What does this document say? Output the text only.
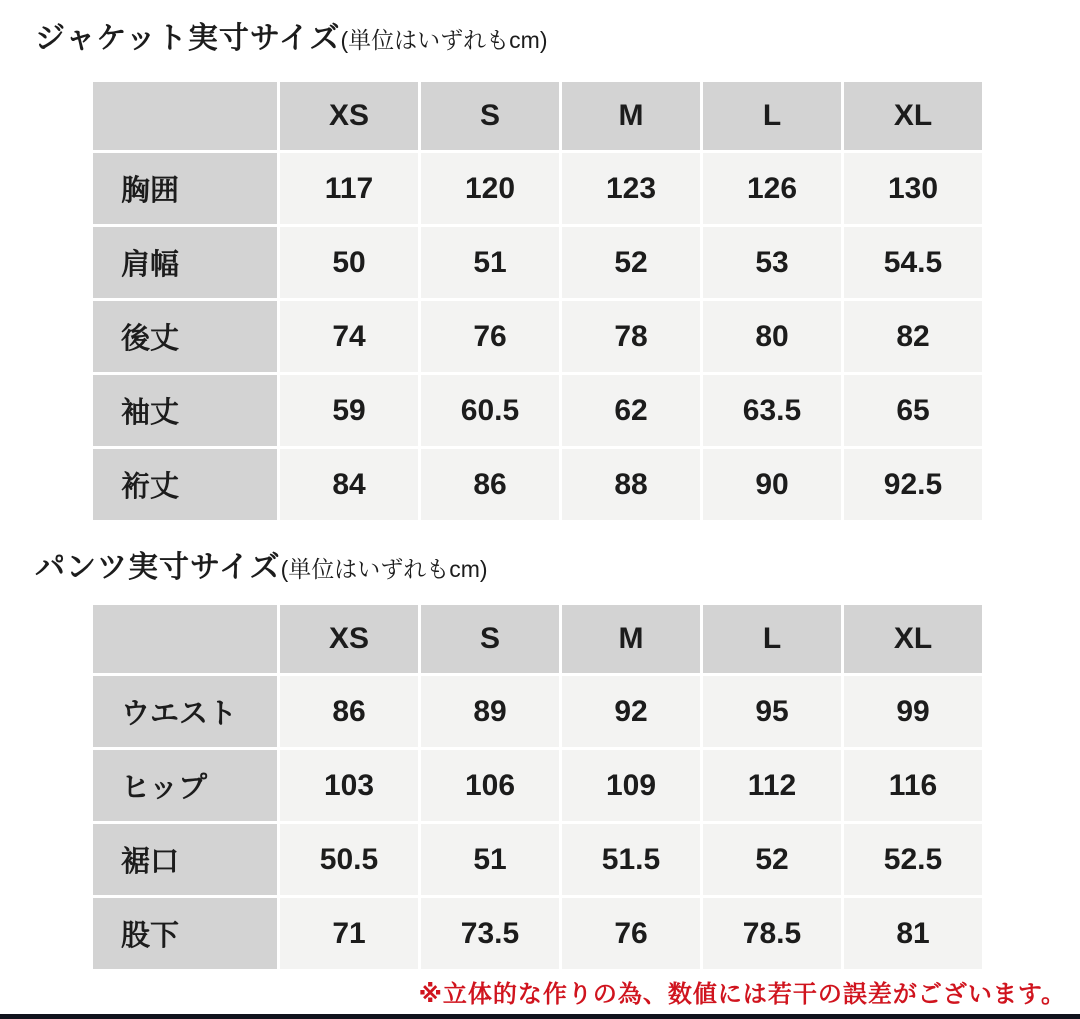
ジャケット実寸サイズ(単位はいずれもcm)
	XS	S	M	L	XL
胸囲	117	120	123	126	130
肩幅	50	51	52	53	54.5
後丈	74	76	78	80	82
袖丈	59	60.5	62	63.5	65
裄丈	84	86	88	90	92.5
パンツ実寸サイズ(単位はいずれもcm)
	XS	S	M	L	XL
ウエスト	86	89	92	95	99
ヒップ	103	106	109	112	116
裾口	50.5	51	51.5	52	52.5
股下	71	73.5	76	78.5	81
※立体的な作りの為、数値には若干の誤差がございます。
